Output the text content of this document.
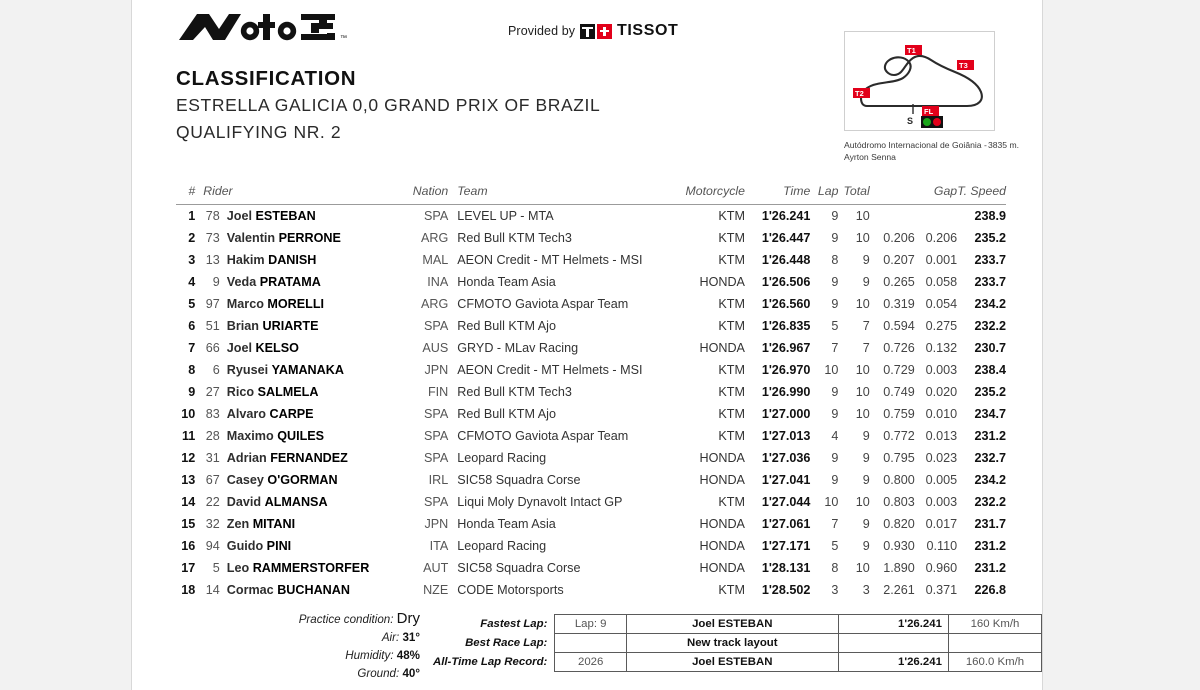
™
Provided by	TISSOT
CLASSIFICATION
ESTRELLA GALICIA 0,0 GRAND PRIX OF BRAZIL
QUALIFYING NR. 2
T1
T2
T3
FL
S
3835 m.
Autódromo Internacional de Goiânia - Ayrton Senna
#	Rider		Nation	Team	Motorcycle	Time	Lap	Total	Gap		T. Speed
1	78	Joel ESTEBAN	SPA	LEVEL UP - MTA	KTM	1'26.241	9	10			238.9
2	73	Valentin PERRONE	ARG	Red Bull KTM Tech3	KTM	1'26.447	9	10	0.206	0.206	235.2
3	13	Hakim DANISH	MAL	AEON Credit - MT Helmets - MSI	KTM	1'26.448	8	9	0.207	0.001	233.7
4	9	Veda PRATAMA	INA	Honda Team Asia	HONDA	1'26.506	9	9	0.265	0.058	233.7
5	97	Marco MORELLI	ARG	CFMOTO Gaviota Aspar Team	KTM	1'26.560	9	10	0.319	0.054	234.2
6	51	Brian URIARTE	SPA	Red Bull KTM Ajo	KTM	1'26.835	5	7	0.594	0.275	232.2
7	66	Joel KELSO	AUS	GRYD - MLav Racing	HONDA	1'26.967	7	7	0.726	0.132	230.7
8	6	Ryusei YAMANAKA	JPN	AEON Credit - MT Helmets - MSI	KTM	1'26.970	10	10	0.729	0.003	238.4
9	27	Rico SALMELA	FIN	Red Bull KTM Tech3	KTM	1'26.990	9	10	0.749	0.020	235.2
10	83	Alvaro CARPE	SPA	Red Bull KTM Ajo	KTM	1'27.000	9	10	0.759	0.010	234.7
11	28	Maximo QUILES	SPA	CFMOTO Gaviota Aspar Team	KTM	1'27.013	4	9	0.772	0.013	231.2
12	31	Adrian FERNANDEZ	SPA	Leopard Racing	HONDA	1'27.036	9	9	0.795	0.023	232.7
13	67	Casey O'GORMAN	IRL	SIC58 Squadra Corse	HONDA	1'27.041	9	9	0.800	0.005	234.2
14	22	David ALMANSA	SPA	Liqui Moly Dynavolt Intact GP	KTM	1'27.044	10	10	0.803	0.003	232.2
15	32	Zen MITANI	JPN	Honda Team Asia	HONDA	1'27.061	7	9	0.820	0.017	231.7
16	94	Guido PINI	ITA	Leopard Racing	HONDA	1'27.171	5	9	0.930	0.110	231.2
17	5	Leo RAMMERSTORFER	AUT	SIC58 Squadra Corse	HONDA	1'28.131	8	10	1.890	0.960	231.2
18	14	Cormac BUCHANAN	NZE	CODE Motorsports	KTM	1'28.502	3	3	2.261	0.371	226.8
Practice condition: Dry
Air: 31°
Humidity: 48%
Ground: 40°
Fastest Lap:	Lap: 9	Joel ESTEBAN	1'26.241	160 Km/h
Best Race Lap:		New track layout		
All-Time Lap Record:	2026	Joel ESTEBAN	1'26.241	160.0 Km/h
